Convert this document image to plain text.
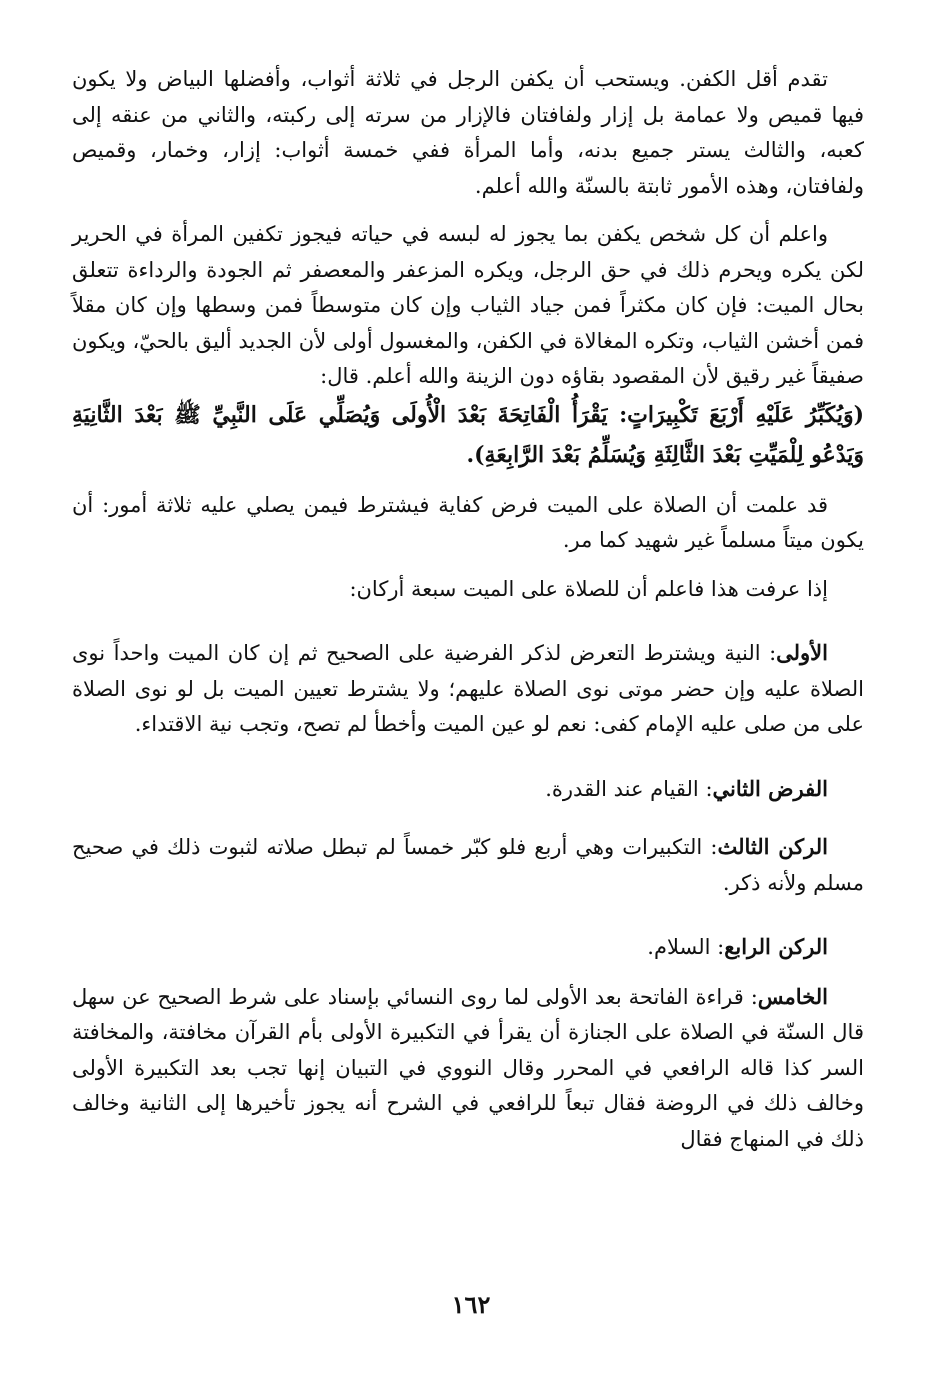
تقدم أقل الكفن. ويستحب أن يكفن الرجل في ثلاثة أثواب، وأفضلها البياض ولا يكون فيها قميص ولا عمامة بل إزار ولفافتان فالإزار من سرته إلى ركبته، والثاني من عنقه إلى كعبه، والثالث يستر جميع بدنه، وأما المرأة ففي خمسة أثواب: إزار، وخمار، وقميص ولفافتان، وهذه الأمور ثابتة بالسنّة والله أعلم.

واعلم أن كل شخص يكفن بما يجوز له لبسه في حياته فيجوز تكفين المرأة في الحرير لكن يكره ويحرم ذلك في حق الرجل، ويكره المزعفر والمعصفر ثم الجودة والرداءة تتعلق بحال الميت: فإن كان مكثراً فمن جياد الثياب وإن كان متوسطاً فمن وسطها وإن كان مقلاً فمن أخشن الثياب، وتكره المغالاة في الكفن، والمغسول أولى لأن الجديد أليق بالحيّ، ويكون صفيقاً غير رقيق لأن المقصود بقاؤه دون الزينة والله أعلم. قال:

(وَيُكَبِّرُ عَلَيْهِ أَرْبَعَ تَكْبِيرَاتٍ: يَقْرَأُ الْفَاتِحَةَ بَعْدَ الْأُولَى وَيُصَلِّي عَلَى النَّبِيِّ ﷺ بَعْدَ الثَّانِيَةِ وَيَدْعُو لِلْمَيِّتِ بَعْدَ الثَّالِثَةِ وَيُسَلِّمُ بَعْدَ الرَّابِعَةِ).

قد علمت أن الصلاة على الميت فرض كفاية فيشترط فيمن يصلي عليه ثلاثة أمور: أن يكون ميتاً مسلماً غير شهيد كما مر.

إذا عرفت هذا فاعلم أن للصلاة على الميت سبعة أركان:

الأولى: النية ويشترط التعرض لذكر الفرضية على الصحيح ثم إن كان الميت واحداً نوى الصلاة عليه وإن حضر موتى نوى الصلاة عليهم؛ ولا يشترط تعيين الميت بل لو نوى الصلاة على من صلى عليه الإمام كفى: نعم لو عين الميت وأخطأ لم تصح، وتجب نية الاقتداء.

الفرض الثاني: القيام عند القدرة.

الركن الثالث: التكبيرات وهي أربع فلو كبّر خمساً لم تبطل صلاته لثبوت ذلك في صحيح مسلم ولأنه ذكر.

الركن الرابع: السلام.

الخامس: قراءة الفاتحة بعد الأولى لما روى النسائي بإسناد على شرط الصحيح عن سهل قال السنّة في الصلاة على الجنازة أن يقرأ في التكبيرة الأولى بأم القرآن مخافتة، والمخافتة السر كذا قاله الرافعي في المحرر وقال النووي في التبيان إنها تجب بعد التكبيرة الأولى وخالف ذلك في الروضة فقال تبعاً للرافعي في الشرح أنه يجوز تأخيرها إلى الثانية وخالف ذلك في المنهاج فقال

١٦٢
